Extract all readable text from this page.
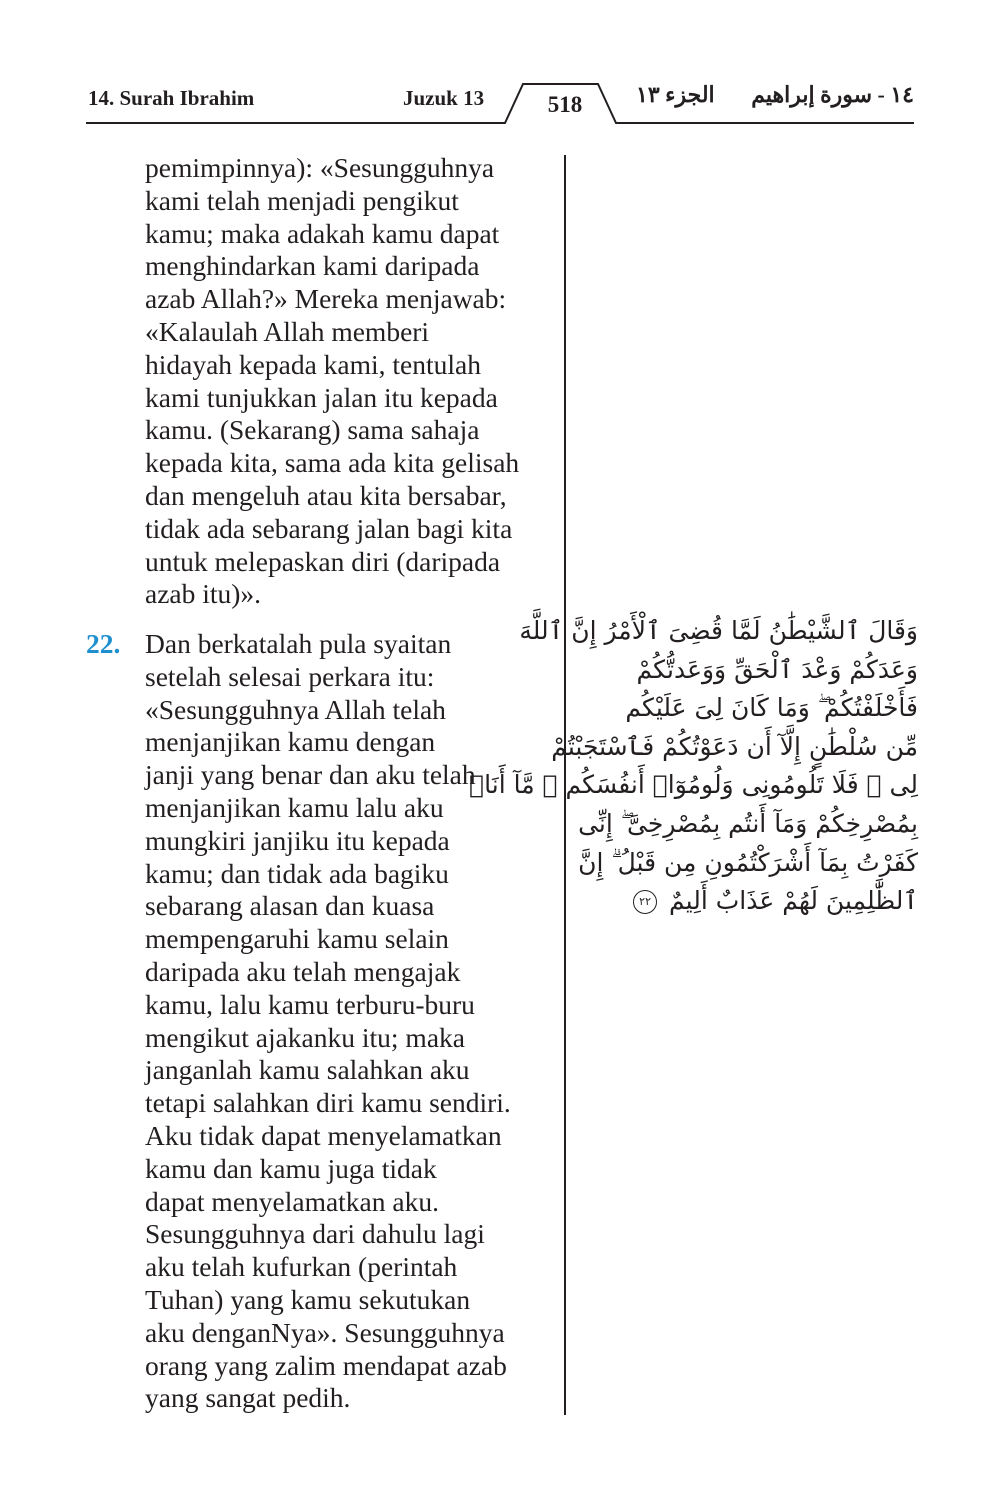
14. Surah Ibrahim	Juzuk 13	518	الجزء ١٣ ١٤ - سورة إبراهيم
pemimpinnya): «Sesungguhnya
kami telah menjadi pengikut
kamu; maka adakah kamu dapat
menghindarkan kami daripada
azab Allah?» Mereka menjawab:
«Kalaulah Allah memberi
hidayah kepada kami, tentulah
kami tunjukkan jalan itu kepada
kamu. (Sekarang) sama sahaja
kepada kita, sama ada kita gelisah
dan mengeluh atau kita bersabar,
tidak ada sebarang jalan bagi kita
untuk melepaskan diri (daripada
azab itu)».
22. Dan berkatalah pula syaitan
setelah selesai perkara itu:
«Sesungguhnya Allah telah
menjanjikan kamu dengan
janji yang benar dan aku telah
menjanjikan kamu lalu aku
mungkiri janjiku itu kepada
kamu; dan tidak ada bagiku
sebarang alasan dan kuasa
mempengaruhi kamu selain
daripada aku telah mengajak
kamu, lalu kamu terburu-buru
mengikut ajakanku itu; maka
janganlah kamu salahkan aku
tetapi salahkan diri kamu sendiri.
Aku tidak dapat menyelamatkan
kamu dan kamu juga tidak
dapat menyelamatkan aku.
Sesungguhnya dari dahulu lagi
aku telah kufurkan (perintah
Tuhan) yang kamu sekutukan
aku denganNya». Sesungguhnya
orang yang zalim mendapat azab
yang sangat pedih.
وَقَالَ ٱلشَّيْطَٰنُ لَمَّا قُضِىَ ٱلْأَمْرُ إِنَّ ٱللَّهَ
وَعَدَكُمْ وَعْدَ ٱلْحَقِّ وَوَعَدتُّكُمْ
فَأَخْلَفْتُكُمْ ۖ وَمَا كَانَ لِىَ عَلَيْكُم
مِّن سُلْطَٰنٍ إِلَّآ أَن دَعَوْتُكُمْ فَٱسْتَجَبْتُمْ
لِى ۖ فَلَا تَلُومُونِى وَلُومُوٓا۟ أَنفُسَكُم ۖ مَّآ أَنَا۠
بِمُصْرِخِكُمْ وَمَآ أَنتُم بِمُصْرِخِىَّ ۖ إِنِّى
كَفَرْتُ بِمَآ أَشْرَكْتُمُونِ مِن قَبْلُ ۗ إِنَّ
ٱلظَّٰلِمِينَ لَهُمْ عَذَابٌ أَلِيمٌ ٢٢
